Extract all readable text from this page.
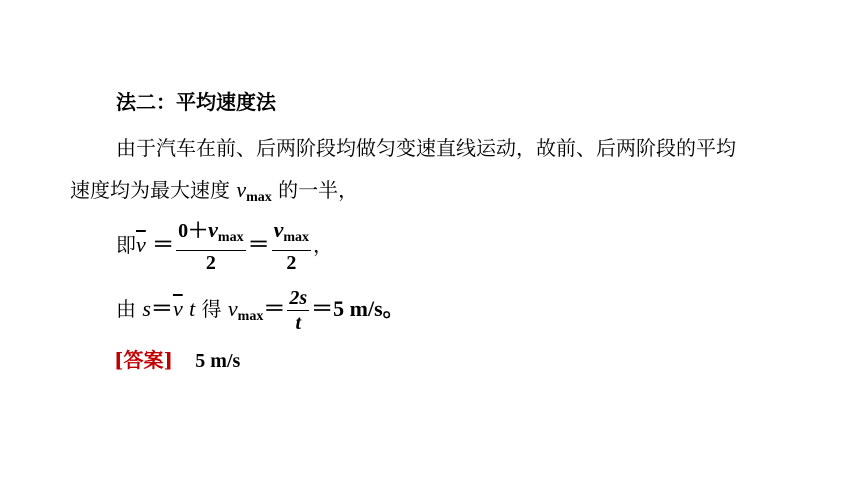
法二：平均速度法
由于汽车在前、后两阶段均做匀变速直线运动，故前、后两阶段的平均
速度均为最大速度 $v_{max}$ 的一半，
即$\overline{v} = \frac{0+v_{max}}{2} = \frac{v_{max}}{2}$ ，
由 $s=\overline{v}$ t 得 $v_{max}= \frac{2s}{t} =5$ m/s。
[答案] 5 m/s
